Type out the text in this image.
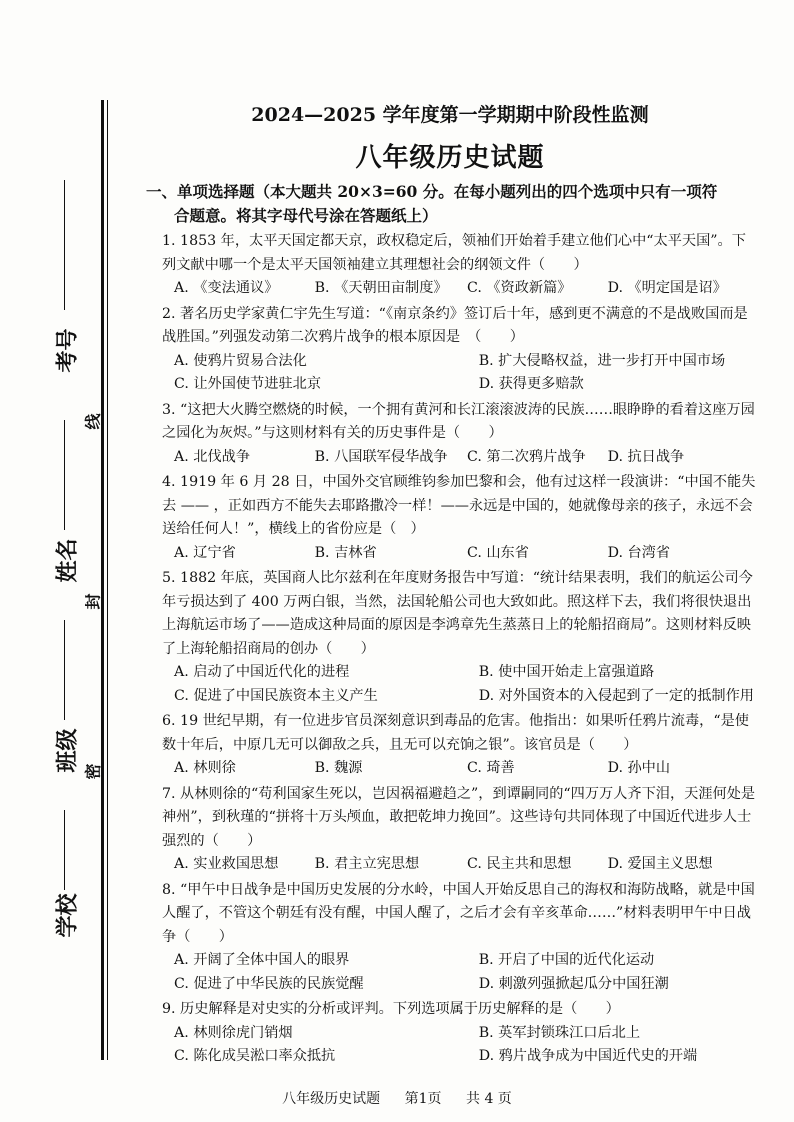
考号
姓名
班级
学校
线
封
密
2024—2025 学年度第一学期期中阶段性监测
八年级历史试题
一、单项选择题（本大题共 20×3=60 分。在每小题列出的四个选项中只有一项符
合题意。将其字母代号涂在答题纸上）
1. 1853 年，太平天国定都天京，政权稳定后，领袖们开始着手建立他们心中“太平天国”。下列文献中哪一个是太平天国领袖建立其理想社会的纲领文件（　　）
A. 《变法通议》	B. 《天朝田亩制度》	C. 《资政新篇》	D. 《明定国是诏》
2. 著名历史学家黄仁宇先生写道：“《南京条约》签订后十年，感到更不满意的不是战败国而是战胜国。”列强发动第二次鸦片战争的根本原因是　（　　）
A. 使鸦片贸易合法化	B. 扩大侵略权益，进一步打开中国市场
C. 让外国使节进驻北京	D. 获得更多赔款
3. “这把大火腾空燃烧的时候，一个拥有黄河和长江滚滚波涛的民族……眼睁睁的看着这座万园之园化为灰烬。”与这则材料有关的历史事件是（　　）
A. 北伐战争	B. 八国联军侵华战争	C. 第二次鸦片战争	D. 抗日战争
4. 1919 年 6 月 28 日，中国外交官顾维钧参加巴黎和会，他有过这样一段演讲：“中国不能失去 —— ，正如西方不能失去耶路撒冷一样！——永远是中国的，她就像母亲的孩子，永远不会送给任何人！”，横线上的省份应是（　）
A. 辽宁省	B. 吉林省	C. 山东省	D. 台湾省
5. 1882 年底，英国商人比尔兹利在年度财务报告中写道：“统计结果表明，我们的航运公司今年亏损达到了 400 万两白银，当然，法国轮船公司也大致如此。照这样下去，我们将很快退出上海航运市场了——造成这种局面的原因是李鸿章先生蒸蒸日上的轮船招商局”。这则材料反映了上海轮船招商局的创办（　　）
A. 启动了中国近代化的进程	B. 使中国开始走上富强道路
C. 促进了中国民族资本主义产生	D. 对外国资本的入侵起到了一定的抵制作用
6. 19 世纪早期，有一位进步官员深刻意识到毒品的危害。他指出：如果听任鸦片流毒，“是使数十年后，中原几无可以御敌之兵，且无可以充饷之银”。该官员是（　　）
A. 林则徐	B. 魏源	C. 琦善	D. 孙中山
7. 从林则徐的“苟利国家生死以，岂因祸福避趋之”，到谭嗣同的“四万万人齐下泪，天涯何处是神州”，到秋瑾的“拼将十万头颅血，敢把乾坤力挽回”。这些诗句共同体现了中国近代进步人士强烈的（　　）
A. 实业救国思想	B. 君主立宪思想	C. 民主共和思想	D. 爱国主义思想
8. “甲午中日战争是中国历史发展的分水岭，中国人开始反思自己的海权和海防战略，就是中国人醒了，不管这个朝廷有没有醒，中国人醒了，之后才会有辛亥革命……”材料表明甲午中日战争（　　）
A. 开阔了全体中国人的眼界	B. 开启了中国的近代化运动
C. 促进了中华民族的民族觉醒	D. 刺激列强掀起瓜分中国狂潮
9. 历史解释是对史实的分析或评判。下列选项属于历史解释的是（　　）
A. 林则徐虎门销烟	B. 英军封锁珠江口后北上
C. 陈化成吴淞口率众抵抗	D. 鸦片战争成为中国近代史的开端
八年级历史试题 第1页 共 4 页
